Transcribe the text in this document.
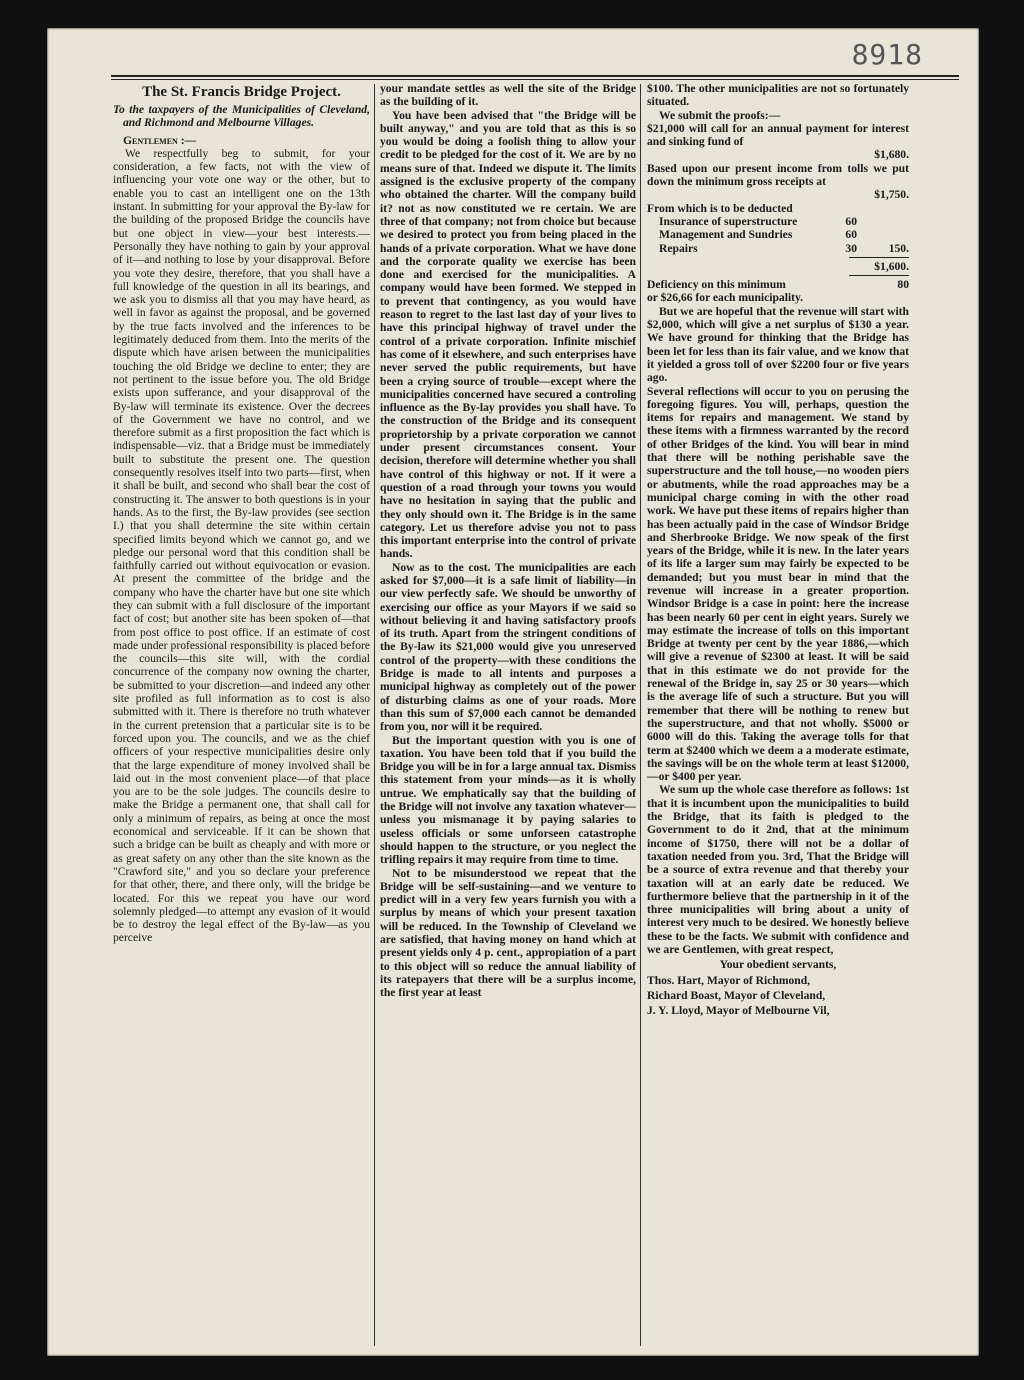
8918
The St. Francis Bridge Project.
To the taxpayers of the Municipalities of Cleveland, and Richmond and Melbourne Villages.
Gentlemen :—

We respectfully beg to submit, for your consideration, a few facts, not with the view of influencing your vote one way or the other, but to enable you to cast an intelligent one on the 13th instant. In submitting for your approval the By-law for the building of the proposed Bridge the councils have but one object in view—your best interests.—Personally they have nothing to gain by your approval of it—and nothing to lose by your disapproval. Before you vote they desire, therefore, that you shall have a full knowledge of the question in all its bearings, and we ask you to dismiss all that you may have heard, as well in favor as against the proposal, and be governed by the true facts involved and the inferences to be legitimately deduced from them. Into the merits of the dispute which have arisen between the municipalities touching the old Bridge we decline to enter; they are not pertinent to the issue before you. The old Bridge exists upon sufferance, and your disapproval of the By-law will terminate its existence. Over the decrees of the Government we have no control, and we therefore submit as a first proposition the fact which is indispensable—viz. that a Bridge must be immediately built to substitute the present one. The question consequently resolves itself into two parts—first, when it shall be built, and second who shall bear the cost of constructing it. The answer to both questions is in your hands. As to the first, the By-law provides (see section I.) that you shall determine the site within certain specified limits beyond which we cannot go, and we pledge our personal word that this condition shall be faithfully carried out without equivocation or evasion. At present the committee of the bridge and the company who have the charter have but one site which they can submit with a full disclosure of the important fact of cost; but another site has been spoken of—that from post office to post office. If an estimate of cost made under professional responsibility is placed before the councils—this site will, with the cordial concurrence of the company now owning the charter, be submitted to your discretion—and indeed any other site profiled as full information as to cost is also submitted with it. There is therefore no truth whatever in the current pretension that a particular site is to be forced upon you. The councils, and we as the chief officers of your respective municipalities desire only that the large expenditure of money involved shall be laid out in the most convenient place—of that place you are to be the sole judges. The councils desire to make the Bridge a permanent one, that shall call for only a minimum of repairs, as being at once the most economical and serviceable. If it can be shown that such a bridge can be built as cheaply and with more or as great safety on any other than the site known as the "Crawford site," and you so declare your preference for that other, there, and there only, will the bridge be located. For this we repeat you have our word solemnly pledged—to attempt any evasion of it would be to destroy the legal effect of the By-law—as you perceive

your mandate settles as well the site of the Bridge as the building of it.

You have been advised that "the Bridge will be built anyway," and you are told that as this is so you would be doing a foolish thing to allow your credit to be pledged for the cost of it. We are by no means sure of that. Indeed we dispute it. The limits assigned is the exclusive property of the company who obtained the charter. Will the company build it? not as now constituted we re certain. We are three of that company; not from choice but because we desired to protect you from being placed in the hands of a private corporation. What we have done and the corporate quality we exercise has been done and exercised for the municipalities. A company would have been formed. We stepped in to prevent that contingency, as you would have reason to regret to the last last day of your lives to have this principal highway of travel under the control of a private corporation. Infinite mischief has come of it elsewhere, and such enterprises have never served the public requirements, but have been a crying source of trouble—except where the municipalities concerned have secured a controling influence as the By-lay provides you shall have. To the construction of the Bridge and its consequent proprietorship by a private corporation we cannot under present circumstances consent. Your decision, therefore will determine whether you shall have control of this highway or not. If it were a question of a road through your towns you would have no hesitation in saying that the public and they only should own it. The Bridge is in the same category. Let us therefore advise you not to pass this important enterprise into the control of private hands.

Now as to the cost. The municipalities are each asked for $7,000—it is a safe limit of liability—in our view perfectly safe. We should be unworthy of exercising our office as your Mayors if we said so without believing it and having satisfactory proofs of its truth. Apart from the stringent conditions of the By-law its $21,000 would give you unreserved control of the property—with these conditions the Bridge is made to all intents and purposes a municipal highway as completely out of the power of disturbing claims as one of your roads. More than this sum of $7,000 each cannot be demanded from you, nor will it be required.

But the important question with you is one of taxation. You have been told that if you build the Bridge you will be in for a large annual tax. Dismiss this statement from your minds—as it is wholly untrue. We emphatically say that the building of the Bridge will not involve any taxation whatever—unless you mismanage it by paying salaries to useless officials or some unforseen catastrophe should happen to the structure, or you neglect the trifling repairs it may require from time to time.

Not to be misunderstood we repeat that the Bridge will be self-sustaining—and we venture to predict will in a very few years furnish you with a surplus by means of which your present taxation will be reduced. In the Township of Cleveland we are satisfied, that having money on hand which at present yields only 4 p. cent., appropiation of a part to this object will so reduce the annual liability of its ratepayers that there will be a surplus income, the first year at least

$100. The other municipalities are not so fortunately situated.

We submit the proofs:—

$21,000 will call for an annual payment for interest and sinking fund of

$1,680.

Based upon our present income from tolls we put down the minimum gross receipts at

$1,750.

From which is to be deducted

Insurance of superstructure	60
Management and Sundries	60
Repairs	30	150.
$1,600.
Deficiency on this minimum	80

or $26,66 for each municipality.

But we are hopeful that the revenue will start with $2,000, which will give a net surplus of $130 a year. We have ground for thinking that the Bridge has been let for less than its fair value, and we know that it yielded a gross toll of over $2200 four or five years ago.

Several reflections will occur to you on perusing the foregoing figures. You will, perhaps, question the items for repairs and management. We stand by these items with a firmness warranted by the record of other Bridges of the kind. You will bear in mind that there will be nothing perishable save the superstructure and the toll house,—no wooden piers or abutments, while the road approaches may be a municipal charge coming in with the other road work. We have put these items of repairs higher than has been actually paid in the case of Windsor Bridge and Sherbrooke Bridge. We now speak of the first years of the Bridge, while it is new. In the later years of its life a larger sum may fairly be expected to be demanded; but you must bear in mind that the revenue will increase in a greater proportion. Windsor Bridge is a case in point: here the increase has been nearly 60 per cent in eight years. Surely we may estimate the increase of tolls on this important Bridge at twenty per cent by the year 1886,—which will give a revenue of $2300 at least. It will be said that in this estimate we do not provide for the renewal of the Bridge in, say 25 or 30 years—which is the average life of such a structure. But you will remember that there will be nothing to renew but the superstructure, and that not wholly. $5000 or 6000 will do this. Taking the average tolls for that term at $2400 which we deem a a moderate estimate, the savings will be on the whole term at least $12000,—or $400 per year.

We sum up the whole case therefore as follows: 1st that it is incumbent upon the municipalities to build the Bridge, that its faith is pledged to the Government to do it 2nd, that at the minimum income of $1750, there will not be a dollar of taxation needed from you. 3rd, That the Bridge will be a source of extra revenue and that thereby your taxation will at an early date be reduced. We furthermore believe that the partnership in it of the three municipalities will bring about a unity of interest very much to be desired. We honestly believe these to be the facts. We submit with confidence and we are Gentlemen, with great respect,

Your obedient servants,
Thos. Hart, Mayor of Richmond,
Richard Boast, Mayor of Cleveland,
J. Y. Lloyd, Mayor of Melbourne Vil,
